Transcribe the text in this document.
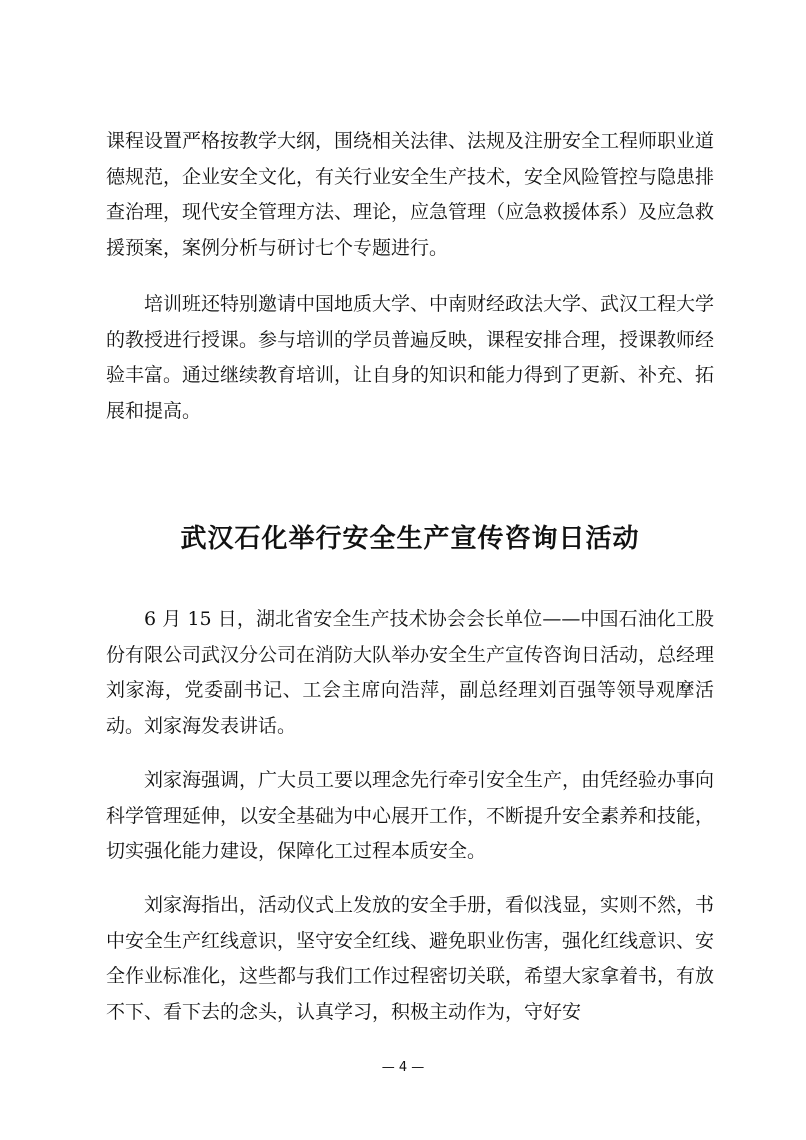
课程设置严格按教学大纲，围绕相关法律、法规及注册安全工程师职业道德规范，企业安全文化，有关行业安全生产技术，安全风险管控与隐患排查治理，现代安全管理方法、理论，应急管理（应急救援体系）及应急救援预案，案例分析与研讨七个专题进行。

培训班还特别邀请中国地质大学、中南财经政法大学、武汉工程大学的教授进行授课。参与培训的学员普遍反映，课程安排合理，授课教师经验丰富。通过继续教育培训，让自身的知识和能力得到了更新、补充、拓展和提高。

武汉石化举行安全生产宣传咨询日活动

6 月 15 日，湖北省安全生产技术协会会长单位——中国石油化工股份有限公司武汉分公司在消防大队举办安全生产宣传咨询日活动，总经理刘家海，党委副书记、工会主席向浩萍，副总经理刘百强等领导观摩活动。刘家海发表讲话。

刘家海强调，广大员工要以理念先行牵引安全生产，由凭经验办事向科学管理延伸，以安全基础为中心展开工作，不断提升安全素养和技能，切实强化能力建设，保障化工过程本质安全。

刘家海指出，活动仪式上发放的安全手册，看似浅显，实则不然，书中安全生产红线意识，坚守安全红线、避免职业伤害，强化红线意识、安全作业标准化，这些都与我们工作过程密切关联，希望大家拿着书，有放不下、看下去的念头，认真学习，积极主动作为，守好安

— 4 —
